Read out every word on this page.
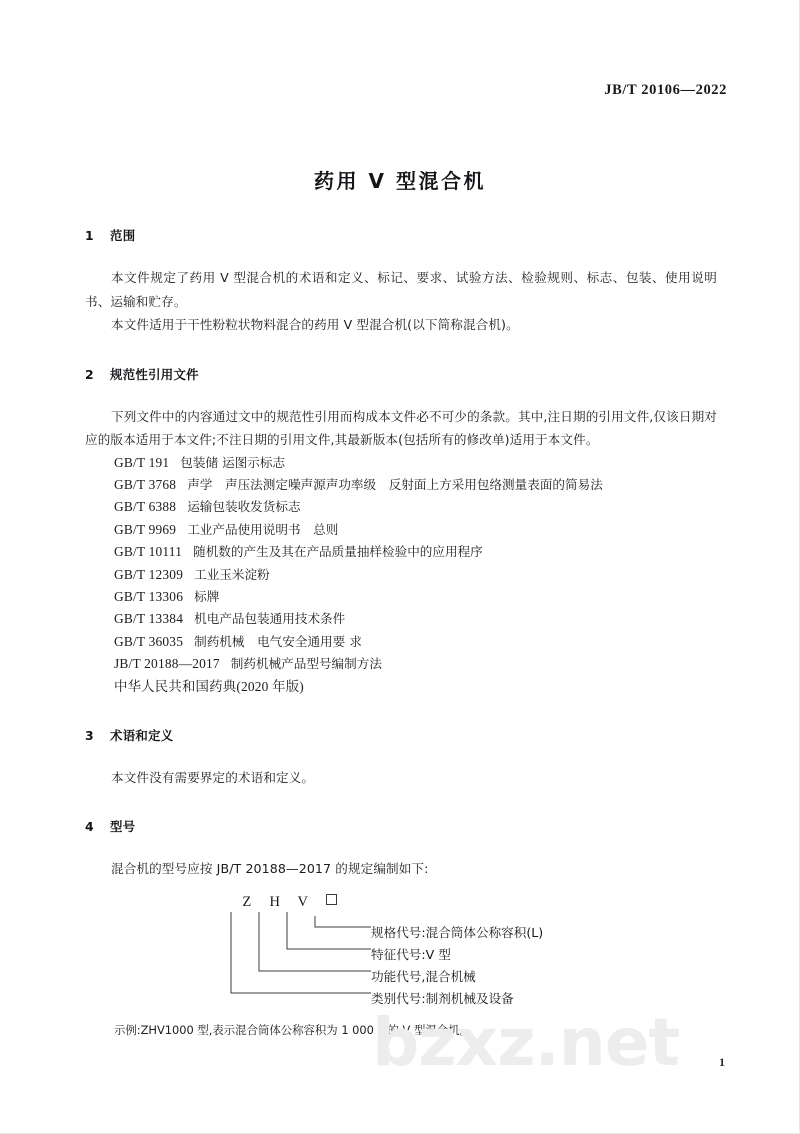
JB/T 20106—2022
药用 V 型混合机
1 范围

本文件规定了药用 V 型混合机的术语和定义、标记、要求、试验方法、检验规则、标志、包装、使用说明书、运输和贮存。

本文件适用于干性粉粒状物料混合的药用 V 型混合机(以下简称混合机)。

2 规范性引用文件

下列文件中的内容通过文中的规范性引用而构成本文件必不可少的条款。其中,注日期的引用文件,仅该日期对应的版本适用于本文件;不注日期的引用文件,其最新版本(包括所有的修改单)适用于本文件。

GB/T 191 包装储 运图示标志
GB/T 3768 声学　声压法测定噪声源声功率级　反射面上方采用包络测量表面的简易法
GB/T 6388 运输包装收发货标志
GB/T 9969 工业产品使用说明书　总则
GB/T 10111 随机数的产生及其在产品质量抽样检验中的应用程序
GB/T 12309 工业玉米淀粉
GB/T 13306 标牌
GB/T 13384 机电产品包装通用技术条件
GB/T 36035 制药机械　电气安全通用要 求
JB/T 20188—2017 制药机械产品型号编制方法
中华人民共和国药典(2020 年版)
3 术语和定义

本文件没有需要界定的术语和定义。

4 型号

混合机的型号应按 JB/T 20188—2017 的规定编制如下:

Z H V
规格代号:混合筒体公称容积(L)
特征代号:V 型
功能代号,混合机械
类别代号:制剂机械及设备
示例:ZHV1000 型,表示混合筒体公称容积为 1 000 L 的 V 型混合机。
bzxz.net	1
